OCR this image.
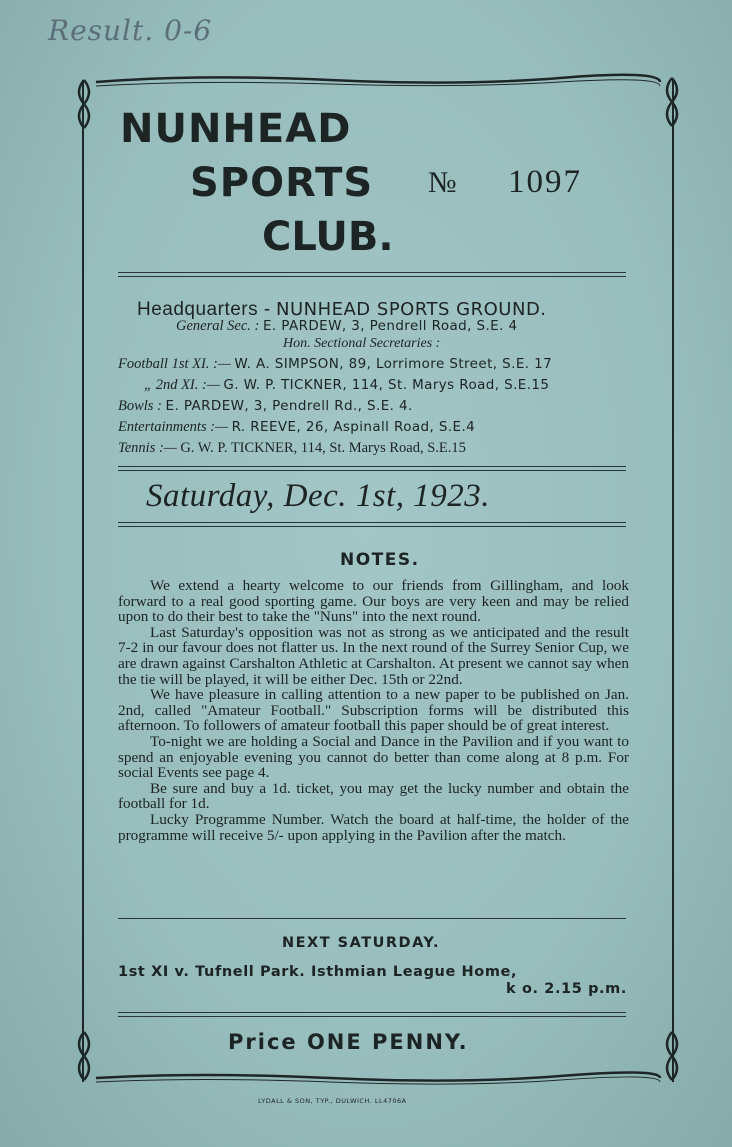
Result. 0-6
NUNHEAD
SPORTS
CLUB.
№ 1097
Headquarters - NUNHEAD SPORTS GROUND.
General Sec. : E. PARDEW, 3, Pendrell Road, S.E. 4
Hon. Sectional Secretaries :
Football 1st XI. :— W. A. SIMPSON, 89, Lorrimore Street, S.E. 17
„ 2nd XI. :— G. W. P. TICKNER, 114, St. Marys Road, S.E.15
Bowls : E. PARDEW, 3, Pendrell Rd., S.E. 4.
Entertainments :— R. REEVE, 26, Aspinall Road, S.E.4
Tennis :— G. W. P. TICKNER, 114, St. Marys Road, S.E.15
Saturday, Dec. 1st, 1923.
NOTES.

We extend a hearty welcome to our friends from Gillingham, and look forward to a real good sporting game. Our boys are very keen and may be relied upon to do their best to take the "Nuns" into the next round.

Last Saturday's opposition was not as strong as we anticipated and the result 7-2 in our favour does not flatter us. In the next round of the Surrey Senior Cup, we are drawn against Carshalton Athletic at Carshalton. At present we cannot say when the tie will be played, it will be either Dec. 15th or 22nd.

We have pleasure in calling attention to a new paper to be published on Jan. 2nd, called "Amateur Football." Subscription forms will be distributed this afternoon. To followers of amateur football this paper should be of great interest.

To-night we are holding a Social and Dance in the Pavilion and if you want to spend an enjoyable evening you cannot do better than come along at 8 p.m. For social Events see page 4.

Be sure and buy a 1d. ticket, you may get the lucky number and obtain the football for 1d.

Lucky Programme Number. Watch the board at half-time, the holder of the programme will receive 5/- upon applying in the Pavilion after the match.

NEXT SATURDAY.
1st XI v. Tufnell Park. Isthmian League Home,
k o. 2.15 p.m.
Price ONE PENNY.
LYDALL & SON, TYP., DULWICH. LL4706A
